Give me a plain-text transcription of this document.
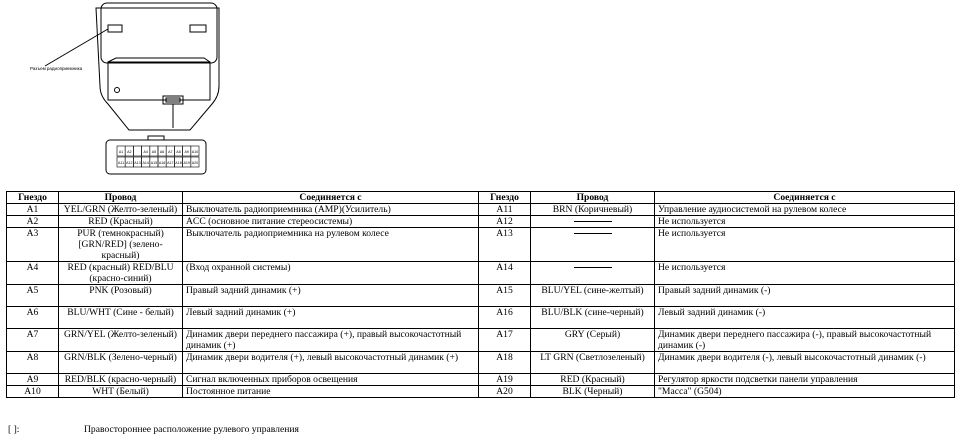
Разъем радиоприемника
A1 A2	A4 A5 A6 A7 A8 A9 A10
A11 A12 A13 A14 A15 A16 A17 A18 A19 A20
Гнездо	Провод	Соединяется с	Гнездо	Провод	Соединяется с
A1	YEL/GRN (Желто-зеленый)	Выключатель радиоприемника (AMP)(Усилитель)	A11	BRN (Коричневый)	Управление аудиосистемой на рулевом колесе
A2	RED (Красный)	ACC (основное питание стереосистемы)	A12		Не используется
A3	PUR (темнокрасный) [GRN/RED] (зелено-красный)	Выключатель радиоприемника на рулевом колесе	A13		Не используется
A4	RED (красный) RED/BLU (красно-синий)	(Вход охранной системы)	A14		Не используется
A5	PNK (Розовый)	Правый задний динамик (+)	A15	BLU/YEL (сине-желтый)	Правый задний динамик (-)
A6	BLU/WHT (Сине - белый)	Левый задний динамик (+)	A16	BLU/BLK (сине-черный)	Левый задний динамик (-)
A7	GRN/YEL (Желто-зеленый)	Динамик двери переднего пассажира (+), правый высокочастотный динамик (+)	A17	GRY (Серый)	Динамик двери переднего пассажира (-), правый высокочастотный динамик (-)
A8	GRN/BLK (Зелено-черный)	Динамик двери водителя (+), левый высокочастотный динамик (+)	A18	LT GRN (Светлозеленый)	Динамик двери водителя (-), левый высокочастотный динамик (-)
A9	RED/BLK (красно-черный)	Сигнал включенных приборов освещения	A19	RED (Красный)	Регулятор яркости подсветки панели управления
A10	WHT (Белый)	Постоянное питание	A20	BLK (Черный)	"Масса" (G504)
[ ]:	Правостороннее расположение рулевого управления
